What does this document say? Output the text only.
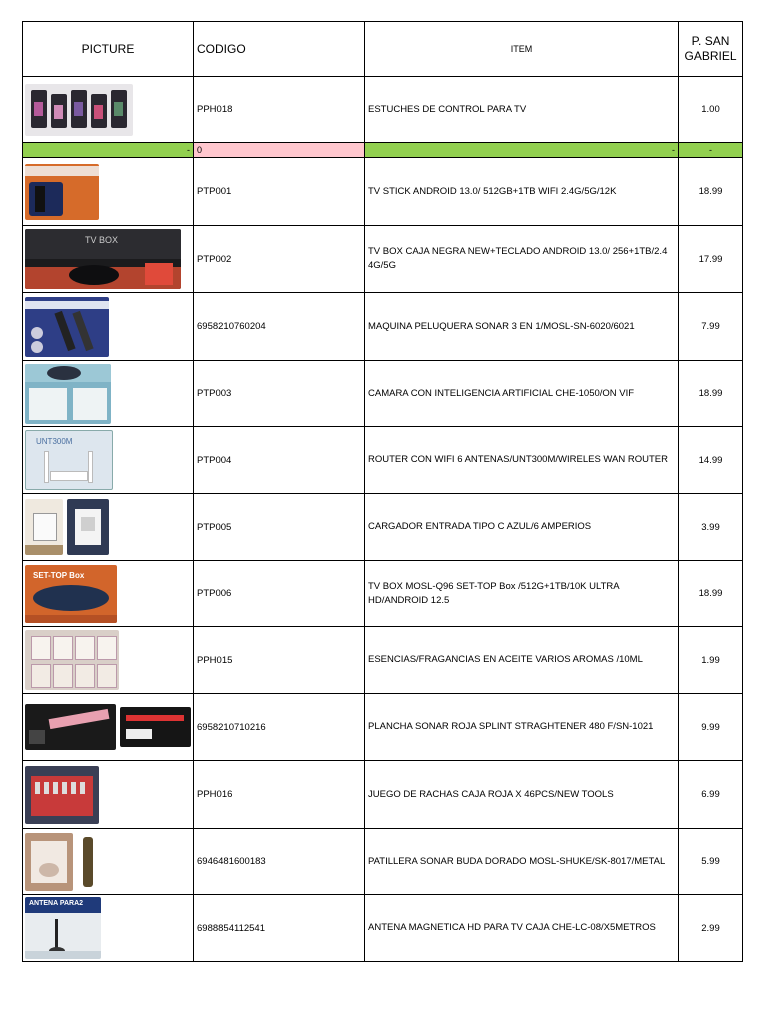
PICTURE	CODIGO	ITEM	P. SAN
GABRIEL

	PPH018	ESTUCHES DE CONTROL PARA TV	1.00
-	0	-	-

	PTP001	TV STICK ANDROID 13.0/ 512GB+1TB WIFI 2.4G/5G/12K	18.99

TV BOX	PTP002	TV BOX CAJA NEGRA NEW+TECLADO ANDROID 13.0/ 256+1TB/2.4 4G/5G	17.99

	6958210760204	MAQUINA PELUQUERA SONAR 3 EN 1/MOSL-SN-6020/6021	7.99

	PTP003	CAMARA CON INTELIGENCIA ARTIFICIAL CHE-1050/ON VIF	18.99

UNT300M	PTP004	ROUTER CON WIFI 6 ANTENAS/UNT300M/WIRELES WAN ROUTER	14.99

	PTP005	CARGADOR ENTRADA TIPO C AZUL/6 AMPERIOS	3.99

SET-TOP Box	PTP006	TV BOX MOSL-Q96 SET-TOP Box /512G+1TB/10K ULTRA HD/ANDROID 12.5	18.99

	PPH015	ESENCIAS/FRAGANCIAS EN ACEITE VARIOS AROMAS /10ML	1.99

	6958210710216	PLANCHA SONAR ROJA SPLINT STRAGHTENER 480 F/SN-1021	9.99

	PPH016	JUEGO DE RACHAS CAJA ROJA X 46PCS/NEW TOOLS	6.99

	6946481600183	PATILLERA SONAR BUDA DORADO MOSL-SHUKE/SK-8017/METAL	5.99

ANTENA PARA2	6988854112541	ANTENA MAGNETICA HD PARA TV CAJA CHE-LC-08/X5METROS	2.99
